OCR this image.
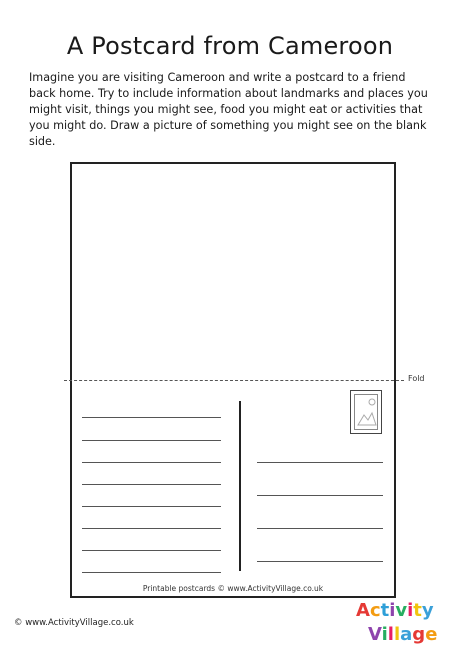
A Postcard from Cameroon
Imagine you are visiting Cameroon and write a postcard to a friend back home. Try to include information about landmarks and places you might visit, things you might see, food you might eat or activities that you might do. Draw a picture of something you might see on the blank side.
Fold
Printable postcards © www.ActivityVillage.co.uk
© www.ActivityVillage.co.uk
Activity
Village
